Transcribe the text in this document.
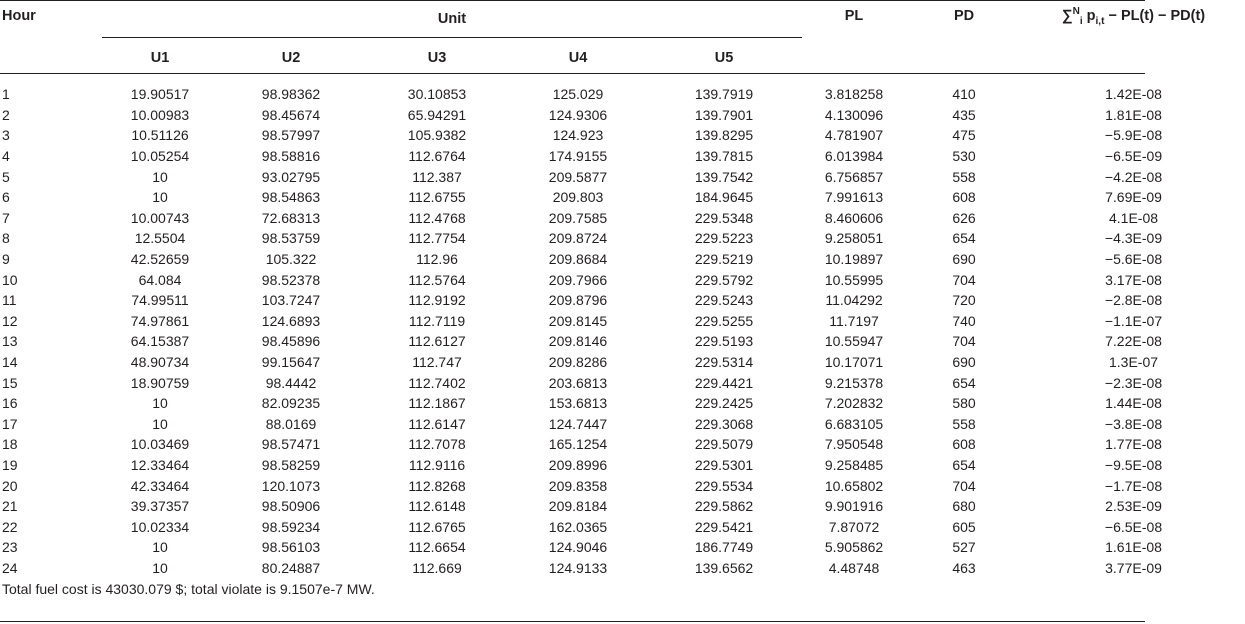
Hour	Unit					PL	PD	∑$^N_i$ $p_{i,t} - PL(t) - PD(t)$
	U1	U2	U3	U4	U5			
1	19.90517	98.98362	30.10853	125.029	139.7919	3.818258	410	1.42E-08
2	10.00983	98.45674	65.94291	124.9306	139.7901	4.130096	435	1.81E-08
3	10.51126	98.57997	105.9382	124.923	139.8295	4.781907	475	−5.9E-08
4	10.05254	98.58816	112.6764	174.9155	139.7815	6.013984	530	−6.5E-09
5	10	93.02795	112.387	209.5877	139.7542	6.756857	558	−4.2E-08
6	10	98.54863	112.6755	209.803	184.9645	7.991613	608	7.69E-09
7	10.00743	72.68313	112.4768	209.7585	229.5348	8.460606	626	4.1E-08
8	12.5504	98.53759	112.7754	209.8724	229.5223	9.258051	654	−4.3E-09
9	42.52659	105.322	112.96	209.8684	229.5219	10.19897	690	−5.6E-08
10	64.084	98.52378	112.5764	209.7966	229.5792	10.55995	704	3.17E-08
11	74.99511	103.7247	112.9192	209.8796	229.5243	11.04292	720	−2.8E-08
12	74.97861	124.6893	112.7119	209.8145	229.5255	11.7197	740	−1.1E-07
13	64.15387	98.45896	112.6127	209.8146	229.5193	10.55947	704	7.22E-08
14	48.90734	99.15647	112.747	209.8286	229.5314	10.17071	690	1.3E-07
15	18.90759	98.4442	112.7402	203.6813	229.4421	9.215378	654	−2.3E-08
16	10	82.09235	112.1867	153.6813	229.2425	7.202832	580	1.44E-08
17	10	88.0169	112.6147	124.7447	229.3068	6.683105	558	−3.8E-08
18	10.03469	98.57471	112.7078	165.1254	229.5079	7.950548	608	1.77E-08
19	12.33464	98.58259	112.9116	209.8996	229.5301	9.258485	654	−9.5E-08
20	42.33464	120.1073	112.8268	209.8358	229.5534	10.65802	704	−1.7E-08
21	39.37357	98.50906	112.6148	209.8184	229.5862	9.901916	680	2.53E-09
22	10.02334	98.59234	112.6765	162.0365	229.5421	7.87072	605	−6.5E-08
23	10	98.56103	112.6654	124.9046	186.7749	5.905862	527	1.61E-08
24	10	80.24887	112.669	124.9133	139.6562	4.48748	463	3.77E-09
Total fuel cost is 43030.079 $; total violate is 9.1507e-7 MW.								
